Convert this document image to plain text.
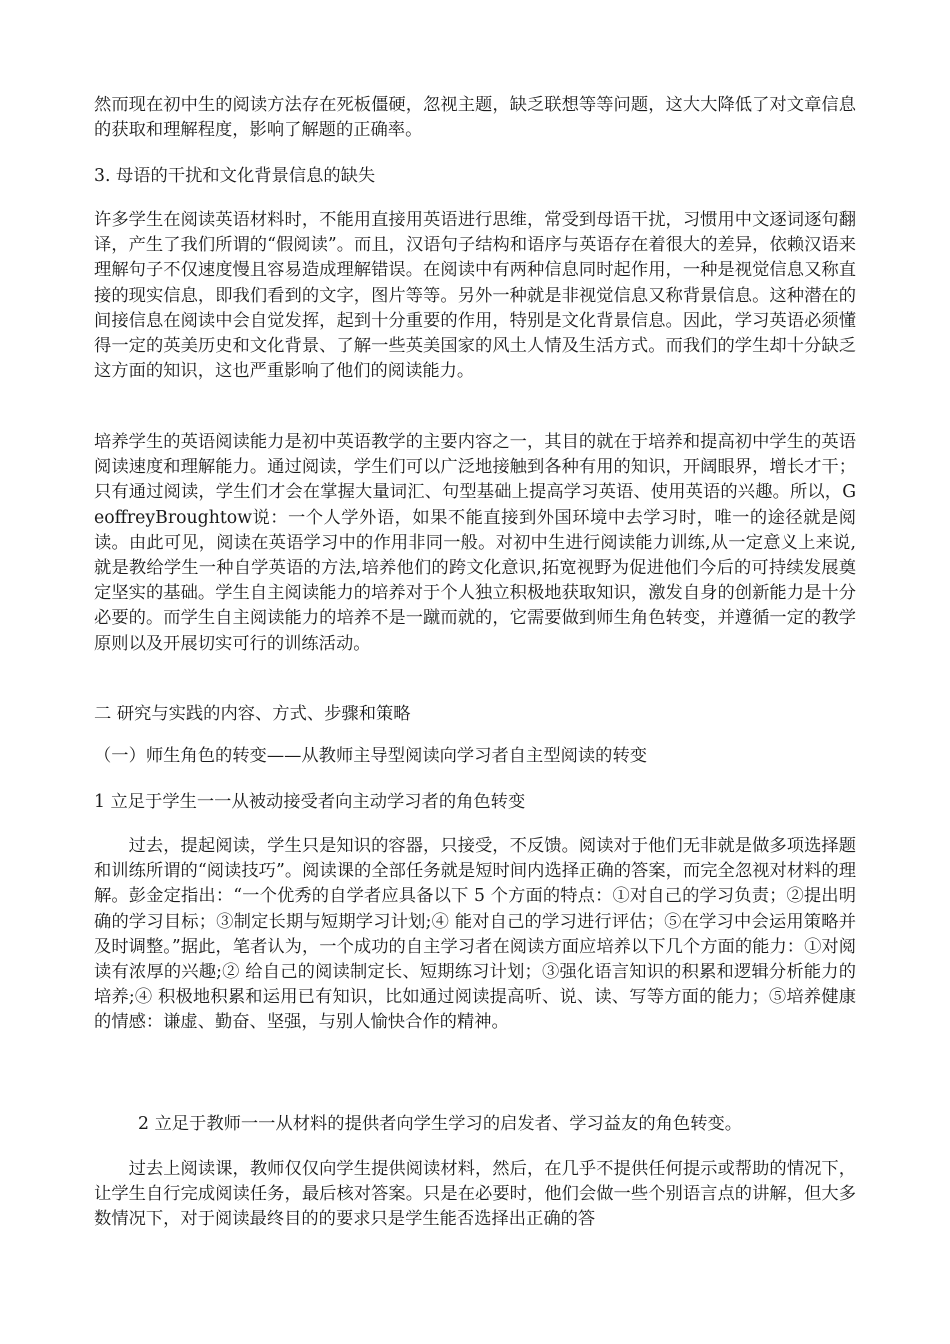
然而现在初中生的阅读方法存在死板僵硬，忽视主题，缺乏联想等等问题，这大大降低了对文章信息的获取和理解程度，影响了解题的正确率。

3. 母语的干扰和文化背景信息的缺失

许多学生在阅读英语材料时，不能用直接用英语进行思维，常受到母语干扰，习惯用中文逐词逐句翻译，产生了我们所谓的“假阅读”。而且，汉语句子结构和语序与英语存在着很大的差异，依赖汉语来理解句子不仅速度慢且容易造成理解错误。在阅读中有两种信息同时起作用，一种是视觉信息又称直接的现实信息，即我们看到的文字，图片等等。另外一种就是非视觉信息又称背景信息。这种潜在的间接信息在阅读中会自觉发挥，起到十分重要的作用，特别是文化背景信息。因此，学习英语必须懂得一定的英美历史和文化背景、了解一些英美国家的风土人情及生活方式。而我们的学生却十分缺乏这方面的知识，这也严重影响了他们的阅读能力。

培养学生的英语阅读能力是初中英语教学的主要内容之一，其目的就在于培养和提高初中学生的英语阅读速度和理解能力。通过阅读，学生们可以广泛地接触到各种有用的知识，开阔眼界，增长才干；只有通过阅读，学生们才会在掌握大量词汇、句型基础上提高学习英语、使用英语的兴趣。所以，GeoffreyBroughtow说：一个人学外语，如果不能直接到外国环境中去学习时，唯一的途径就是阅读。由此可见，阅读在英语学习中的作用非同一般。对初中生进行阅读能力训练,从一定意义上来说,就是教给学生一种自学英语的方法,培养他们的跨文化意识,拓宽视野为促进他们今后的可持续发展奠定坚实的基础。学生自主阅读能力的培养对于个人独立积极地获取知识，激发自身的创新能力是十分必要的。而学生自主阅读能力的培养不是一蹴而就的，它需要做到师生角色转变，并遵循一定的教学原则以及开展切实可行的训练活动。

二 研究与实践的内容、方式、步骤和策略

（一）师生角色的转变——从教师主导型阅读向学习者自主型阅读的转变

1 立足于学生一一从被动接受者向主动学习者的角色转变

过去，提起阅读，学生只是知识的容器，只接受，不反馈。阅读对于他们无非就是做多项选择题和训练所谓的“阅读技巧”。阅读课的全部任务就是短时间内选择正确的答案，而完全忽视对材料的理解。彭金定指出：“一个优秀的自学者应具备以下 5 个方面的特点：①对自己的学习负责；②提出明确的学习目标；③制定长期与短期学习计划;④ 能对自己的学习进行评估；⑤在学习中会运用策略并及时调整。”据此，笔者认为，一个成功的自主学习者在阅读方面应培养以下几个方面的能力：①对阅读有浓厚的兴趣;② 给自己的阅读制定长、短期练习计划；③强化语言知识的积累和逻辑分析能力的培养;④ 积极地积累和运用已有知识，比如通过阅读提高听、说、读、写等方面的能力；⑤培养健康的情感：谦虚、勤奋、坚强，与别人愉快合作的精神。

2 立足于教师一一从材料的提供者向学生学习的启发者、学习益友的角色转变。

过去上阅读课，教师仅仅向学生提供阅读材料，然后，在几乎不提供任何提示或帮助的情况下，让学生自行完成阅读任务，最后核对答案。只是在必要时，他们会做一些个别语言点的讲解，但大多数情况下，对于阅读最终目的的要求只是学生能否选择出正确的答
